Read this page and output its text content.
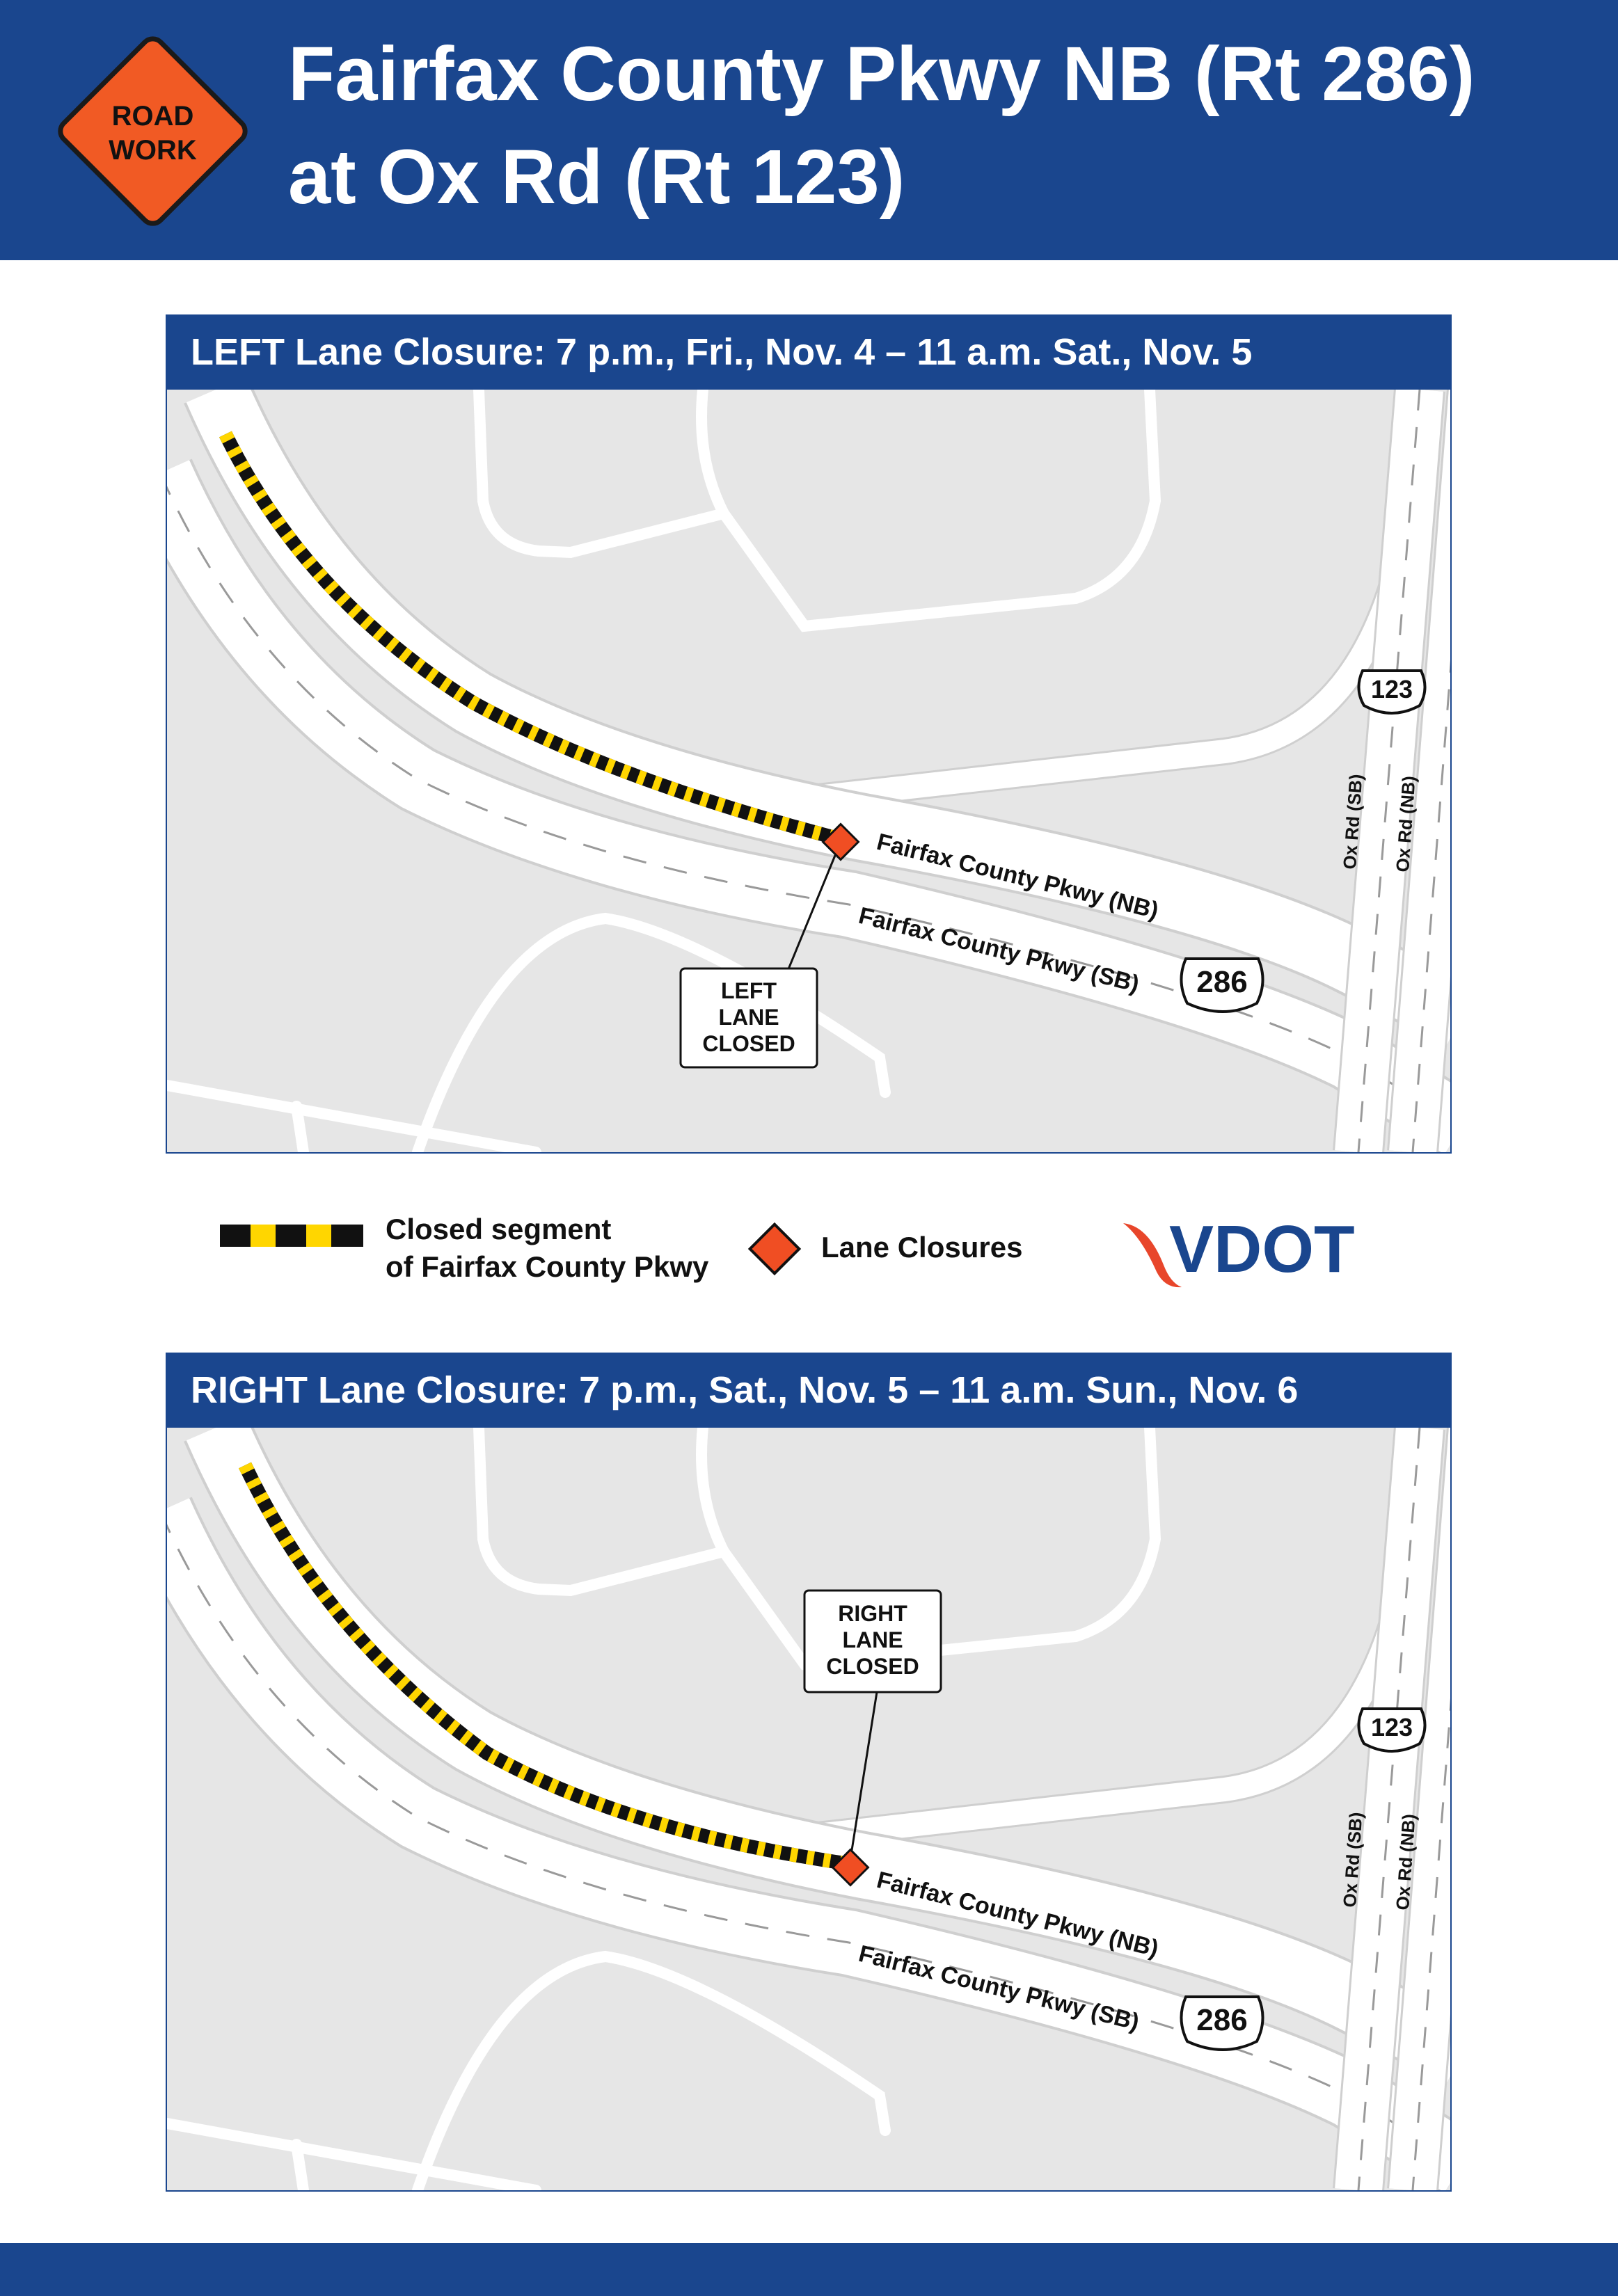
ROAD
WORK
Fairfax County Pkwy NB (Rt 286)
at Ox Rd (Rt 123)
LEFT Lane Closure: 7 p.m., Fri., Nov. 4 – 11 a.m. Sat., Nov. 5
LEFT
LANE
CLOSED
Fairfax County Pkwy (NB)
Fairfax County Pkwy (SB) 286
123
Ox Rd (SB) Ox Rd (NB)
Closed segment
of Fairfax County Pkwy
Lane Closures VDOT
RIGHT Lane Closure: 7 p.m., Sat., Nov. 5 – 11 a.m. Sun., Nov. 6
RIGHT
LANE
CLOSED
Fairfax County Pkwy (NB)
Fairfax County Pkwy (SB) 286
123
Ox Rd (SB) Ox Rd (NB)
